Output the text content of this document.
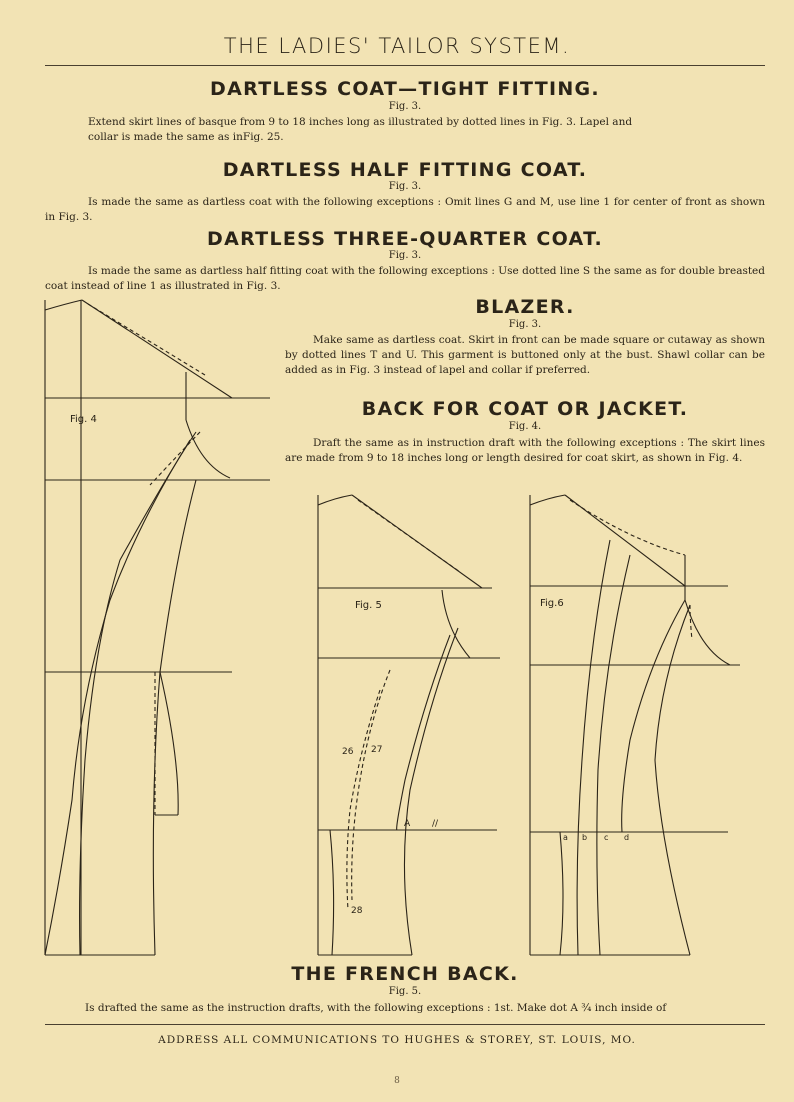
THE LADIES' TAILOR SYSTEM.
DARTLESS COAT—TIGHT FITTING.
Fig. 3.
Extend skirt lines of basque from 9 to 18 inches long as illustrated by dotted lines in Fig. 3. Lapel and collar is made the same as inFig. 25.
DARTLESS HALF FITTING COAT.
Fig. 3.
Is made the same as dartless coat with the following exceptions : Omit lines G and M, use line 1 for center of front as shown in Fig. 3.
DARTLESS THREE-QUARTER COAT.
Fig. 3.
Is made the same as dartless half fitting coat with the following exceptions : Use dotted line S the same as for double breasted coat instead of line 1 as illustrated in Fig. 3.
BLAZER.
Fig. 3.
Make same as dartless coat. Skirt in front can be made square or cutaway as shown by dotted lines T and U. This garment is buttoned only at the bust. Shawl collar can be added as in Fig. 3 instead of lapel and collar if preferred.
BACK FOR COAT OR JACKET.
Fig. 4.
Draft the same as in instruction draft with the following exceptions : The skirt lines are made from 9 to 18 inches long or length desired for coat skirt, as shown in Fig. 4.
Fig. 4
Fig. 5	Fig.6
26 27
28
A //
a b c d
THE FRENCH BACK.
Fig. 5.
Is drafted the same as the instruction drafts, with the following exceptions : 1st. Make dot A ¾ inch inside of
ADDRESS ALL COMMUNICATIONS TO HUGHES & STOREY, ST. LOUIS, MO.
8
